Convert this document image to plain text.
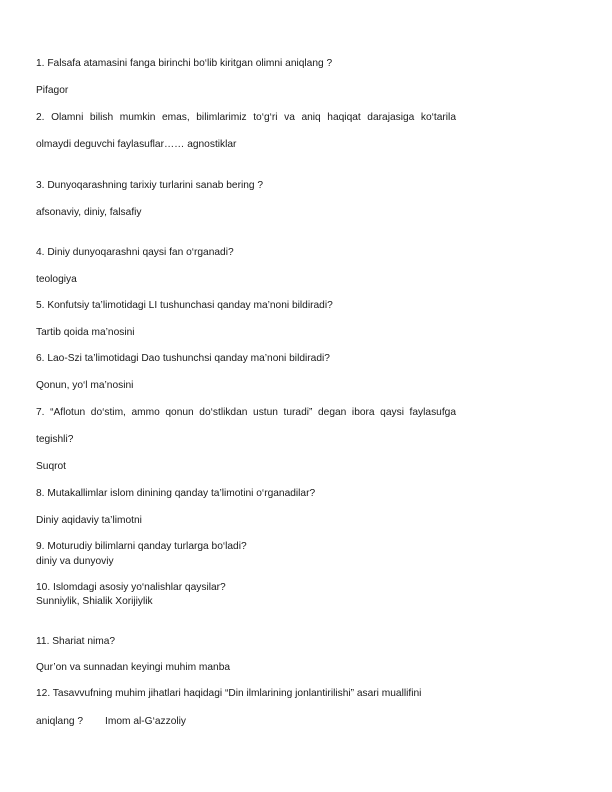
1. Falsafa atamasini fanga birinchi bo‘lib kiritgan olimni aniqlang ?
Pifagor
2. Olamni bilish mumkin emas, bilimlarimiz to‘g‘ri va aniq haqiqat darajasiga ko‘tarila
olmaydi deguvchi faylasuflar…… agnostiklar
3. Dunyoqarashning tarixiy turlarini sanab bering ?
afsonaviy, diniy, falsafiy
4. Diniy dunyoqarashni qaysi fan o‘rganadi?
teologiya
5. Konfutsiy ta’limotidagi LI tushunchasi qanday ma’noni bildiradi?
Tartib qoida ma’nosini
6. Lao-Szi ta’limotidagi Dao tushunchsi qanday ma’noni bildiradi?
Qonun, yo‘l ma’nosini
7. “Aflotun do‘stim, ammo qonun do‘stlikdan ustun turadi” degan ibora qaysi faylasufga
tegishli?
Suqrot
8. Mutakallimlar islom dinining qanday ta’limotini o‘rganadilar?
Diniy aqidaviy ta’limotni
9. Moturudiy bilimlarni qanday turlarga bo‘ladi?
diniy va dunyoviy
10. Islomdagi asosiy yo‘nalishlar qaysilar?
Sunniylik, Shialik Xorijiylik
11. Shariat nima?
Qur’on va sunnadan keyingi muhim manba
12. Tasavvufning muhim jihatlari haqidagi “Din ilmlarining jonlantirilishi” asari muallifini
aniqlang ? Imom al-G‘azzoliy
